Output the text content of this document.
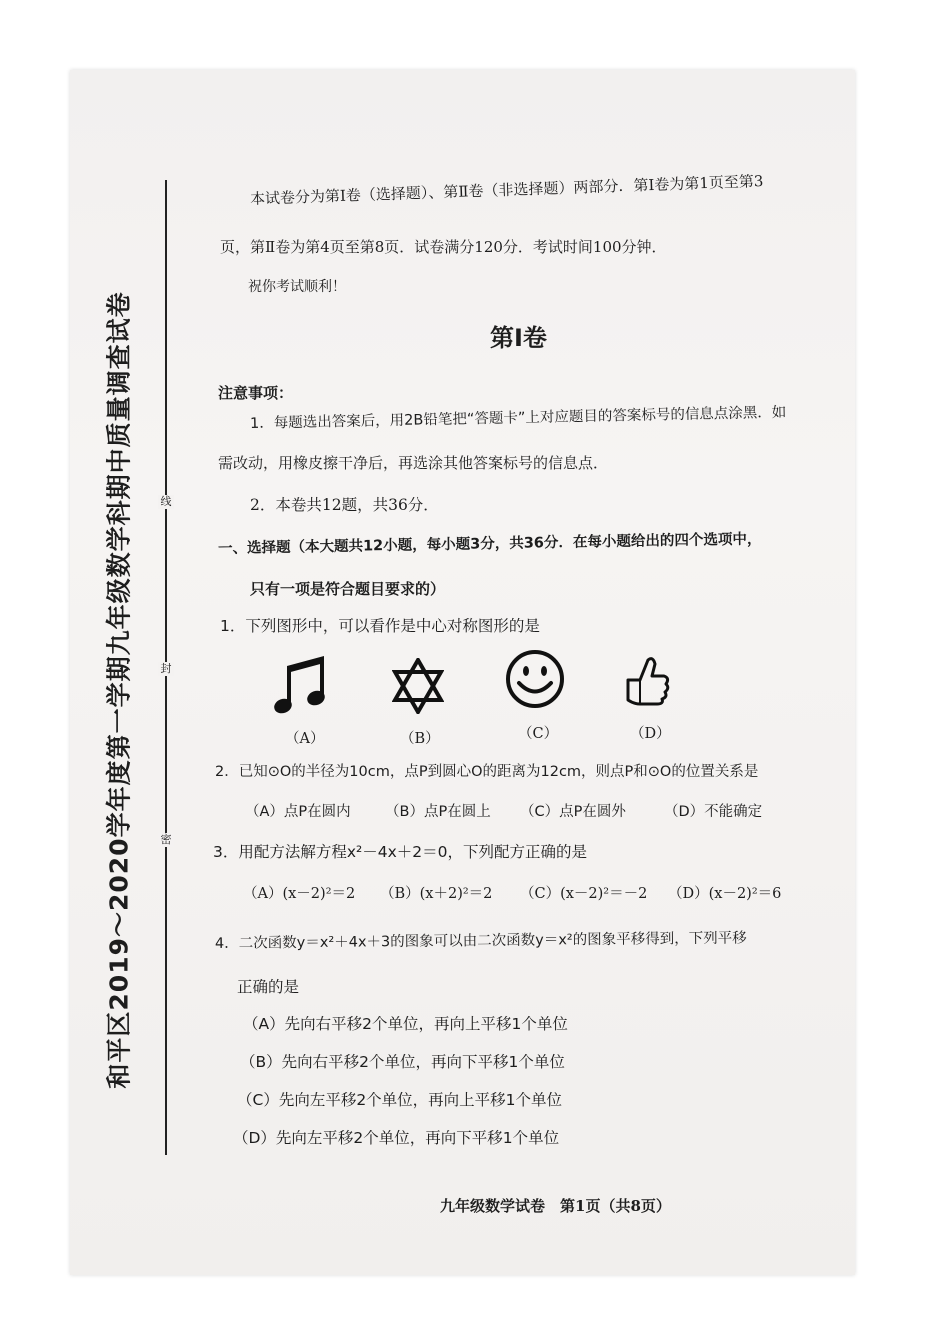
和平区2019～2020学年度第一学期九年级数学科期中质量调查试卷 线
封
密
本试卷分为第Ⅰ卷（选择题）、第Ⅱ卷（非选择题）两部分．第Ⅰ卷为第1页至第3
页，第Ⅱ卷为第4页至第8页．试卷满分120分．考试时间100分钟．
祝你考试顺利！
第Ⅰ卷
注意事项：
1．每题选出答案后，用2B铅笔把“答题卡”上对应题目的答案标号的信息点涂黑．如
需改动，用橡皮擦干净后，再选涂其他答案标号的信息点．
2．本卷共12题，共36分．
一、选择题（本大题共12小题，每小题3分，共36分．在每小题给出的四个选项中，
只有一项是符合题目要求的）
1．下列图形中，可以看作是中心对称图形的是
（A）	（B）	（C）	（D）
2．已知⊙O的半径为10cm，点P到圆心O的距离为12cm，则点P和⊙O的位置关系是
（A）点P在圆内 （B）点P在圆上 （C）点P在圆外	（D）不能确定
3．用配方法解方程x²－4x＋2＝0，下列配方正确的是
（A）(x－2)²＝2 （B）(x＋2)²＝2 （C）(x－2)²＝－2 （D）(x－2)²＝6
4．二次函数y＝x²＋4x＋3的图象可以由二次函数y＝x²的图象平移得到，下列平移
正确的是
（A）先向右平移2个单位，再向上平移1个单位
（B）先向右平移2个单位，再向下平移1个单位
（C）先向左平移2个单位，再向上平移1个单位
（D）先向左平移2个单位，再向下平移1个单位
九年级数学试卷　第1页（共8页）
